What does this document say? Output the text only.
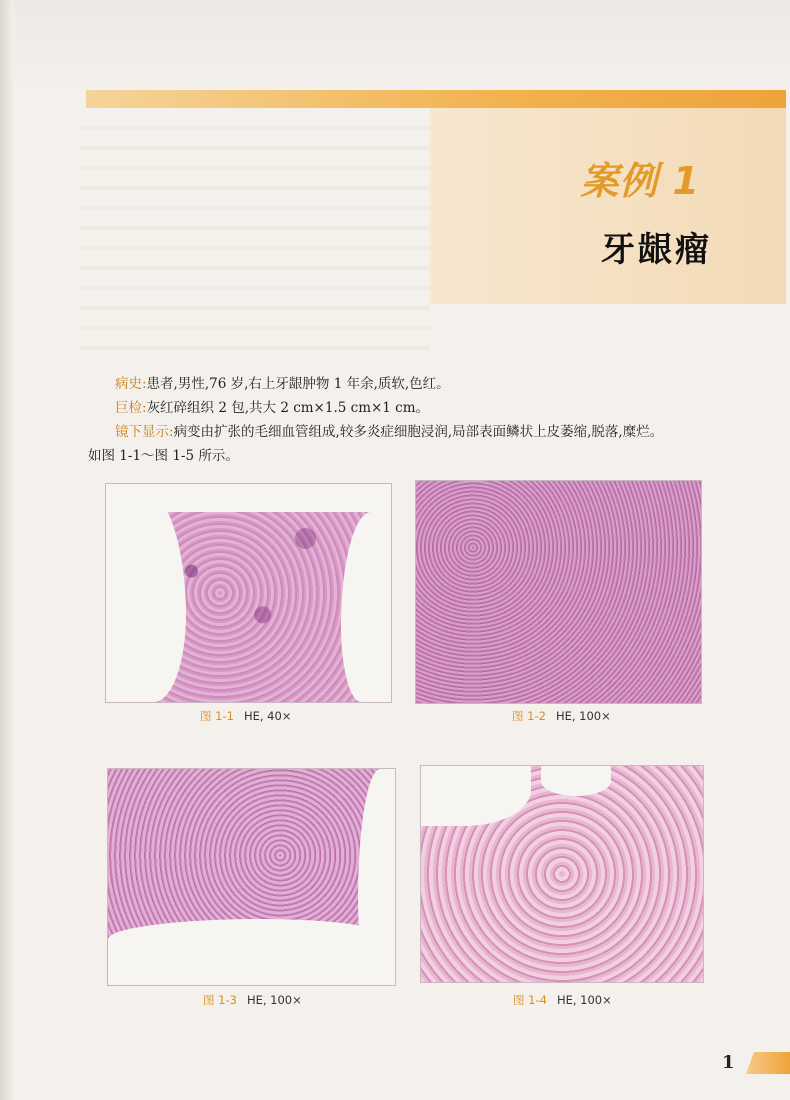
案例 1
牙龈瘤

病史:患者,男性,76 岁,右上牙龈肿物 1 年余,质软,色红。

巨检:灰红碎组织 2 包,共大 2 cm×1.5 cm×1 cm。

镜下显示:病变由扩张的毛细血管组成,较多炎症细胞浸润,局部表面鳞状上皮萎缩,脱落,糜烂。

如图 1-1～图 1-5 所示。

图 1-1 HE, 40×	图 1-2 HE, 100×
图 1-3 HE, 100×	图 1-4 HE, 100×
1
